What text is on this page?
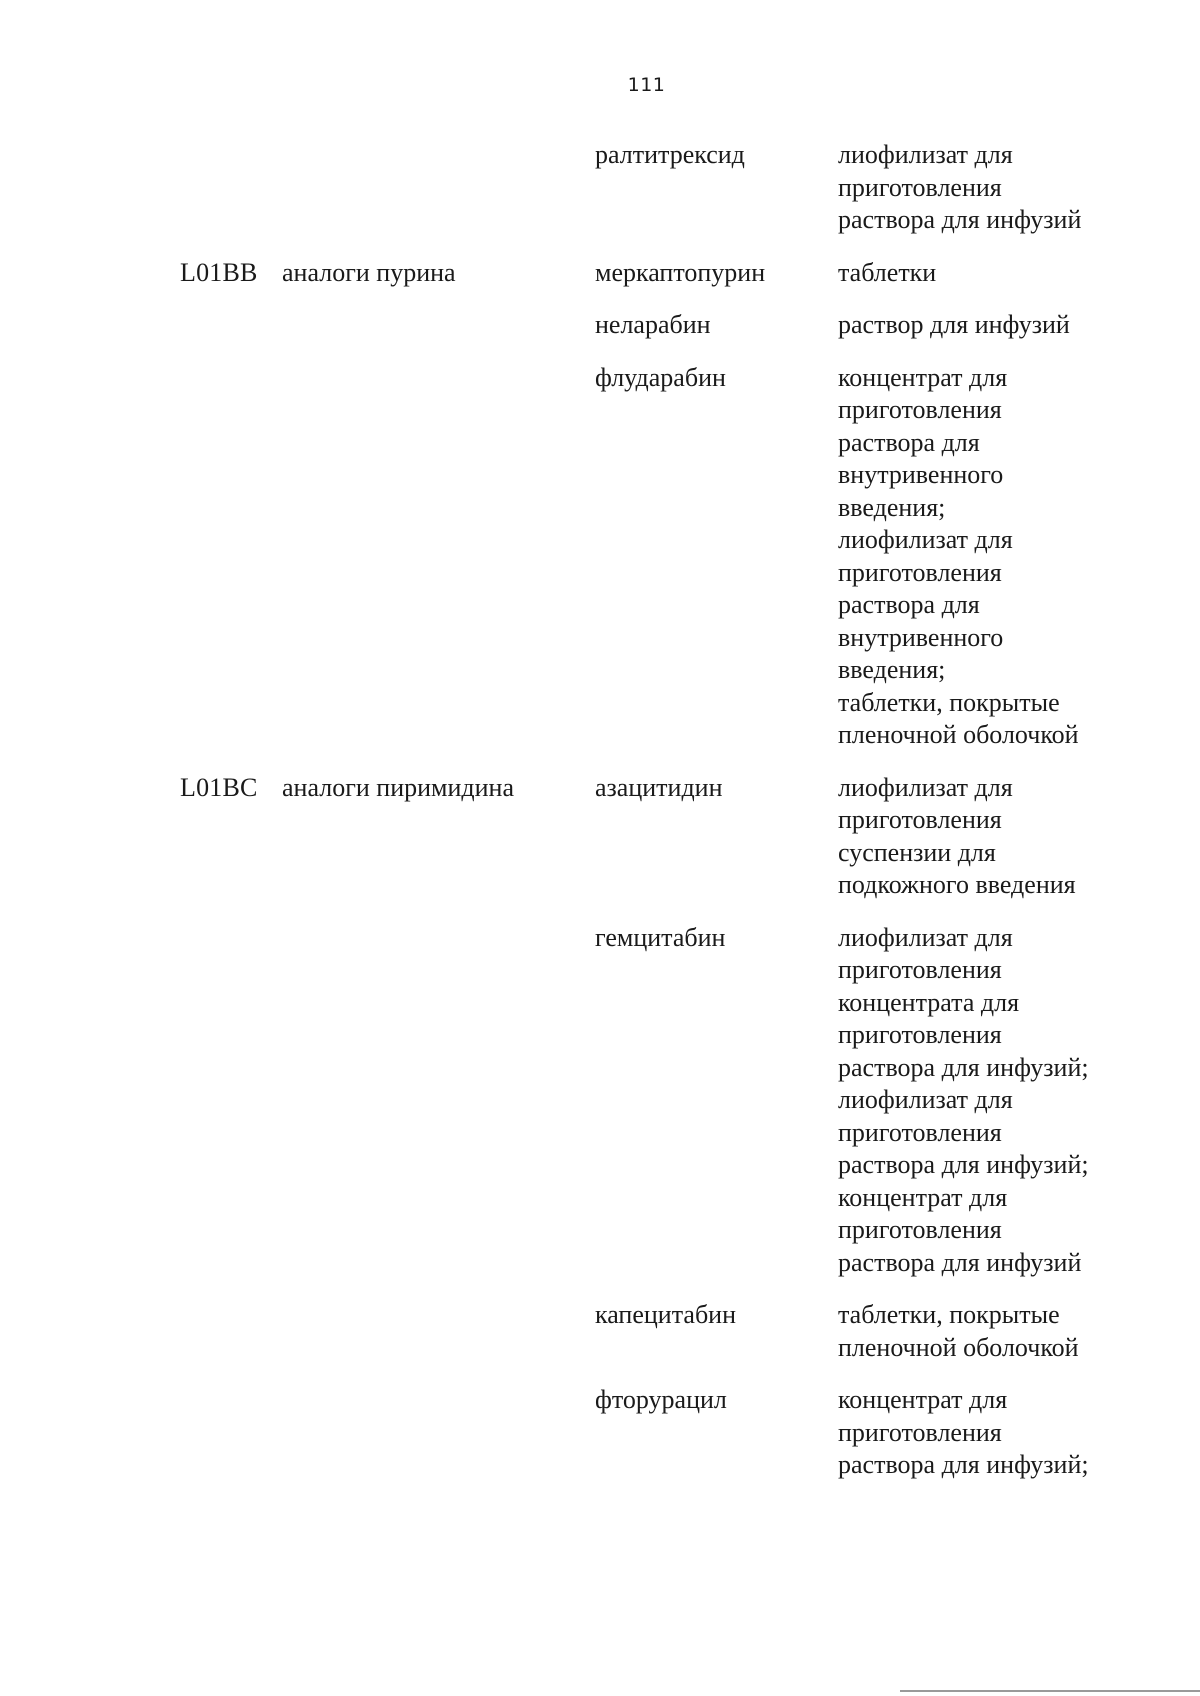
111
ралтитрексид	лиофилизат для
приготовления
раствора для инфузий
L01BB аналоги пурина	меркаптопурин	таблетки
неларабин	раствор для инфузий
флударабин	концентрат для
приготовления
раствора для
внутривенного
введения;
лиофилизат для
приготовления
раствора для
внутривенного
введения;
таблетки, покрытые
пленочной оболочкой
L01BC аналоги пиримидина	азацитидин	лиофилизат для
приготовления
суспензии для
подкожного введения
гемцитабин	лиофилизат для
приготовления
концентрата для
приготовления
раствора для инфузий;
лиофилизат для
приготовления
раствора для инфузий;
концентрат для
приготовления
раствора для инфузий
капецитабин	таблетки, покрытые
пленочной оболочкой
фторурацил	концентрат для
приготовления
раствора для инфузий;
